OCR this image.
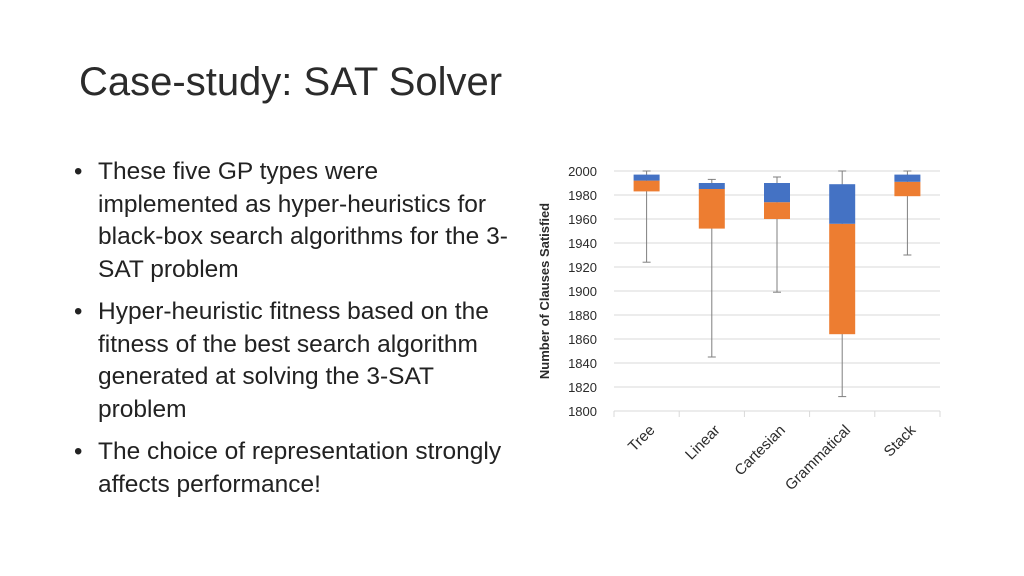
Case-study: SAT Solver
• These five GP types were implemented as hyper-heuristics for black-box search algorithms for the 3-SAT problem
• Hyper-heuristic fitness based on the fitness of the best search algorithm generated at solving the 3-SAT problem
• The choice of representation strongly affects performance!
2000
1980
1960
1940
1920
1900
1880
1860
1840
1820
1800
Tree Linear Cartesian
Grammatical Stack
Number of Clauses Satisfied
